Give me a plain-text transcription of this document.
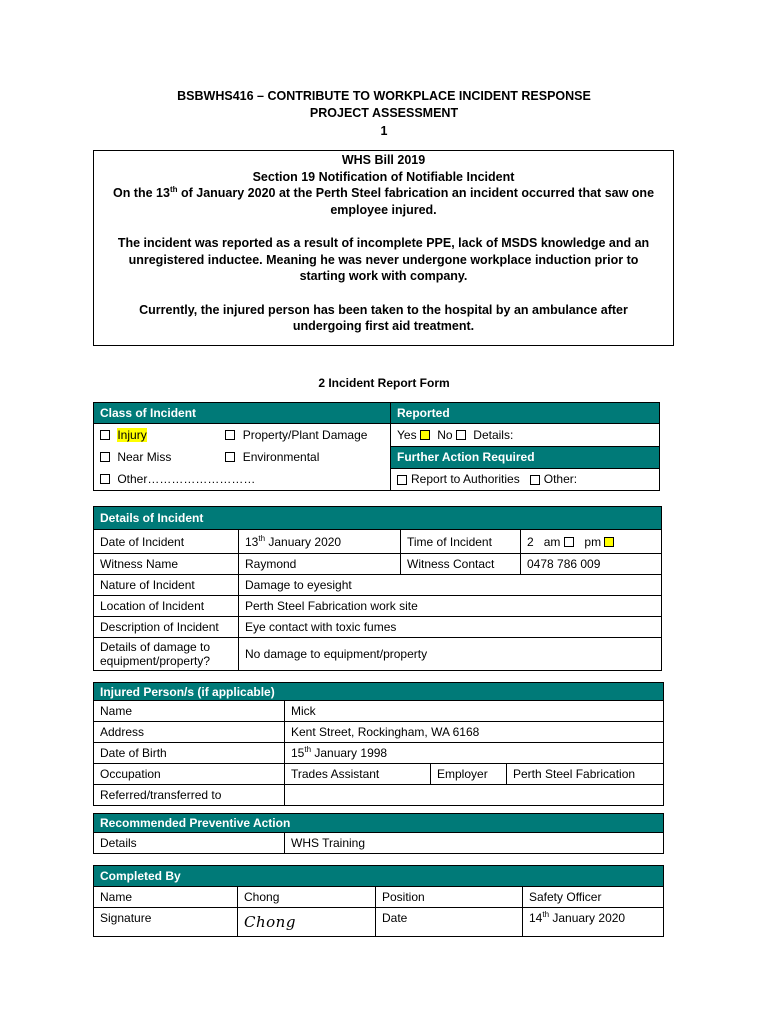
BSBWHS416 – CONTRIBUTE TO WORKPLACE INCIDENT RESPONSE
PROJECT ASSESSMENT
1

WHS Bill 2019

Section 19 Notification of Notifiable Incident

On the 13th of January 2020 at the Perth Steel fabrication an incident occurred that saw one employee injured.

The incident was reported as a result of incomplete PPE, lack of MSDS knowledge and an unregistered inductee. Meaning he was never undergone workplace induction prior to starting work with company.

Currently, the injured person has been taken to the hospital by an ambulance after undergoing first aid treatment.

2 Incident Report Form
Class of Incident	Reported
Injury Property/Plant Damage	Yes No Details:
Near Miss Environmental	Further Action Required
Other………………………	Report to Authorities Other:
Details of Incident			
Date of Incident	13th January 2020	Time of Incident	2 am pm
Witness Name	Raymond	Witness Contact	0478 786 009
Nature of Incident	Damage to eyesight		
Location of Incident	Perth Steel Fabrication work site		
Description of Incident	Eye contact with toxic fumes		
Details of damage to
equipment/property?	No damage to equipment/property		
Injured Person/s (if applicable)			
Name	Mick		
Address	Kent Street, Rockingham, WA 6168		
Date of Birth	15th January 1998		
Occupation	Trades Assistant	Employer	Perth Steel Fabrication
Referred/transferred to			
Recommended Preventive Action
Details	WHS Training
Completed By			
Name	Chong	Position	Safety Officer
Signature	Chong	Date	14th January 2020
